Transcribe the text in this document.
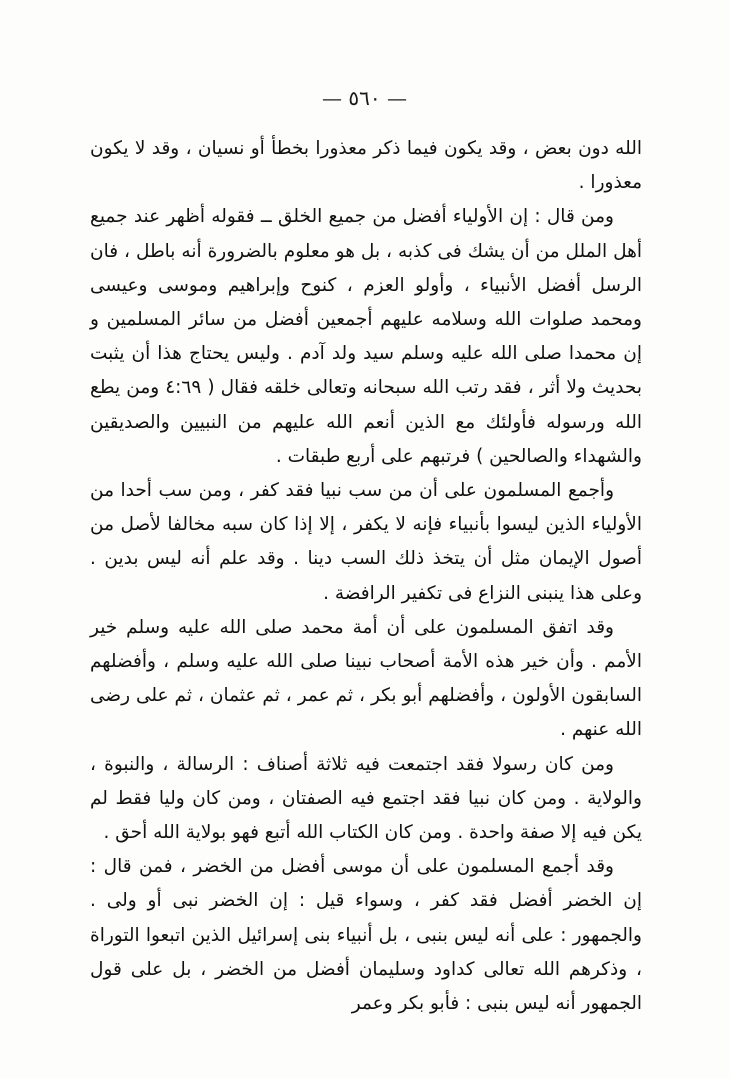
— ٥٦٠ —

الله دون بعض ، وقد يكون فيما ذكر معذورا بخطأ أو نسيان ، وقد لا يكون معذورا .

ومن قال : إن الأولياء أفضل من جميع الخلق ــ فقوله أظهر عند جميع أهل الملل من أن يشك فى كذبه ، بل هو معلوم بالضرورة أنه باطل ، فان الرسل أفضل الأنبياء ، وأولو العزم ، كنوح وإبراهيم وموسى وعيسى ومحمد صلوات الله وسلامه عليهم أجمعين أفضل من سائر المسلمين و إن محمدا صلى الله عليه وسلم سيد ولد آدم . وليس يحتاج هذا أن يثبت بحديث ولا أثر ، فقد رتب الله سبحانه وتعالى خلقه فقال ( ٤:٦٩ ومن يطع الله ورسوله فأولئك مع الذين أنعم الله عليهم من النبيين والصديقين والشهداء والصالحين ) فرتبهم على أربع طبقات .

وأجمع المسلمون على أن من سب نبيا فقد كفر ، ومن سب أحدا من الأولياء الذين ليسوا بأنبياء فإنه لا يكفر ، إلا إذا كان سبه مخالفا لأصل من أصول الإيمان مثل أن يتخذ ذلك السب دينا . وقد علم أنه ليس بدين . وعلى هذا ينبنى النزاع فى تكفير الرافضة .

وقد اتفق المسلمون على أن أمة محمد صلى الله عليه وسلم خير الأمم . وأن خير هذه الأمة أصحاب نبينا صلى الله عليه وسلم ، وأفضلهم السابقون الأولون ، وأفضلهم أبو بكر ، ثم عمر ، ثم عثمان ، ثم على رضى الله عنهم .

ومن كان رسولا فقد اجتمعت فيه ثلاثة أصناف : الرسالة ، والنبوة ، والولاية . ومن كان نبيا فقد اجتمع فيه الصفتان ، ومن كان وليا فقط لم يكن فيه إلا صفة واحدة . ومن كان الكتاب الله أتبع فهو بولاية الله أحق .

وقد أجمع المسلمون على أن موسى أفضل من الخضر ، فمن قال : إن الخضر أفضل فقد كفر ، وسواء قيل : إن الخضر نبى أو ولى . والجمهور : على أنه ليس بنبى ، بل أنبياء بنى إسرائيل الذين اتبعوا التوراة ، وذكرهم الله تعالى كداود وسليمان أفضل من الخضر ، بل على قول الجمهور أنه ليس بنبى : فأبو بكر وعمر
